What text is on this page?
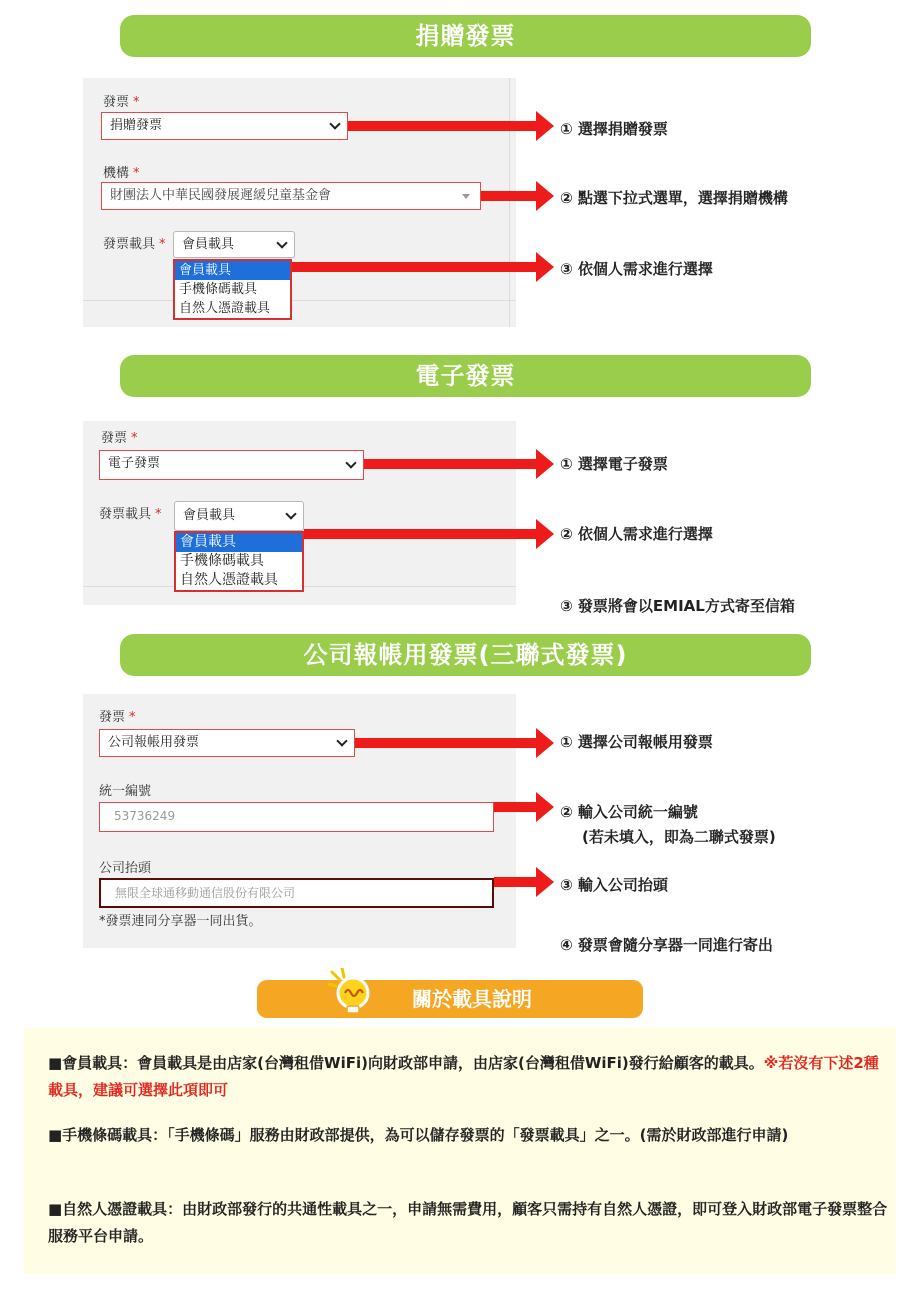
捐贈發票
發票 *
捐贈發票
機構 *
財團法人中華民國發展遲緩兒童基金會
發票載具 *	會員載具
會員載具
手機條碼載具
自然人憑證載具
① 選擇捐贈發票
② 點選下拉式選單，選擇捐贈機構
③ 依個人需求進行選擇
電子發票
發票 *
電子發票
發票載具 *	會員載具
會員載具
手機條碼載具
自然人憑證載具
① 選擇電子發票
② 依個人需求進行選擇
③ 發票將會以EMIAL方式寄至信箱
公司報帳用發票(三聯式發票)
發票 *
公司報帳用發票
統一編號
53736249
公司抬頭
無限全球通移動通信股份有限公司
*發票連同分享器一同出貨。
① 選擇公司報帳用發票
② 輸入公司統一編號
(若未填入，即為二聯式發票)
③ 輸入公司抬頭
④ 發票會隨分享器一同進行寄出
關於載具說明

■會員載具：會員載具是由店家(台灣租借WiFi)向財政部申請，由店家(台灣租借WiFi)發行給顧客的載具。※若沒有下述2種載具，建議可選擇此項即可

■手機條碼載具：「手機條碼」服務由財政部提供，為可以儲存發票的「發票載具」之一。(需於財政部進行申請)

■自然人憑證載具：由財政部發行的共通性載具之一，申請無需費用，顧客只需持有自然人憑證，即可登入財政部電子發票整合服務平台申請。
